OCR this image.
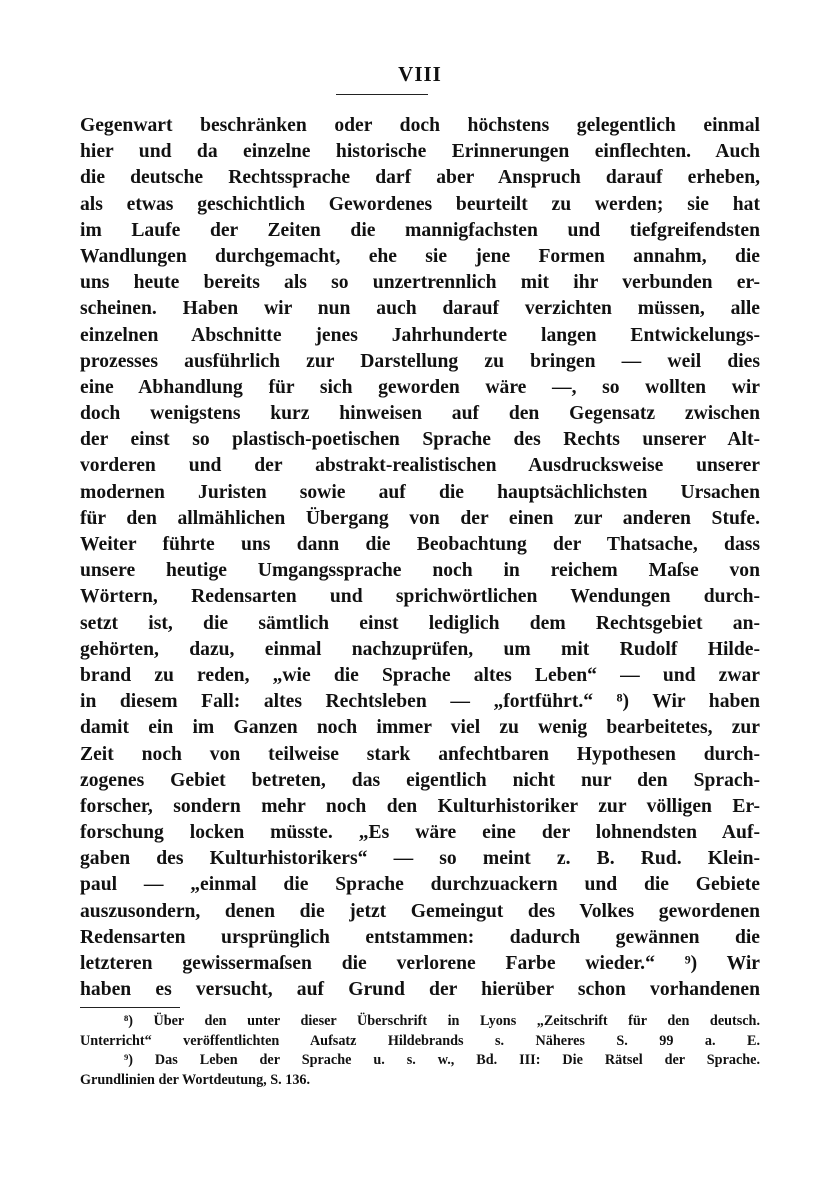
VIII
Gegenwart beschränken oder doch höchstens gelegentlich einmal
hier und da einzelne historische Erinnerungen einflechten. Auch
die deutsche Rechtssprache darf aber Anspruch darauf erheben,
als etwas geschichtlich Gewordenes beurteilt zu werden; sie hat
im Laufe der Zeiten die mannigfachsten und tiefgreifendsten
Wandlungen durchgemacht, ehe sie jene Formen annahm, die
uns heute bereits als so unzertrennlich mit ihr verbunden er-
scheinen. Haben wir nun auch darauf verzichten müssen, alle
einzelnen Abschnitte jenes Jahrhunderte langen Entwickelungs-
prozesses ausführlich zur Darstellung zu bringen — weil dies
eine Abhandlung für sich geworden wäre —, so wollten wir
doch wenigstens kurz hinweisen auf den Gegensatz zwischen
der einst so plastisch-poetischen Sprache des Rechts unserer Alt-
vorderen und der abstrakt-realistischen Ausdrucksweise unserer
modernen Juristen sowie auf die hauptsächlichsten Ursachen
für den allmählichen Übergang von der einen zur anderen Stufe.
Weiter führte uns dann die Beobachtung der Thatsache, dass
unsere heutige Umgangssprache noch in reichem Maſse von
Wörtern, Redensarten und sprichwörtlichen Wendungen durch-
setzt ist, die sämtlich einst lediglich dem Rechtsgebiet an-
gehörten, dazu, einmal nachzuprüfen, um mit Rudolf Hilde-
brand zu reden, „wie die Sprache altes Leben“ — und zwar
in diesem Fall: altes Rechtsleben — „fortführt.“ ⁸) Wir haben
damit ein im Ganzen noch immer viel zu wenig bearbeitetes, zur
Zeit noch von teilweise stark anfechtbaren Hypothesen durch-
zogenes Gebiet betreten, das eigentlich nicht nur den Sprach-
forscher, sondern mehr noch den Kulturhistoriker zur völligen Er-
forschung locken müsste. „Es wäre eine der lohnendsten Auf-
gaben des Kulturhistorikers“ — so meint z. B. Rud. Klein-
paul — „einmal die Sprache durchzuackern und die Gebiete
auszusondern, denen die jetzt Gemeingut des Volkes gewordenen
Redensarten ursprünglich entstammen: dadurch gewännen die
letzteren gewissermaſsen die verlorene Farbe wieder.“ ⁹) Wir
haben es versucht, auf Grund der hierüber schon vorhandenen
⁸) Über den unter dieser Überschrift in Lyons „Zeitschrift für den deutsch.
Unterricht“ veröffentlichten Aufsatz Hildebrands s. Näheres S. 99 a. E.
⁹) Das Leben der Sprache u. s. w., Bd. III: Die Rätsel der Sprache.
Grundlinien der Wortdeutung, S. 136.
